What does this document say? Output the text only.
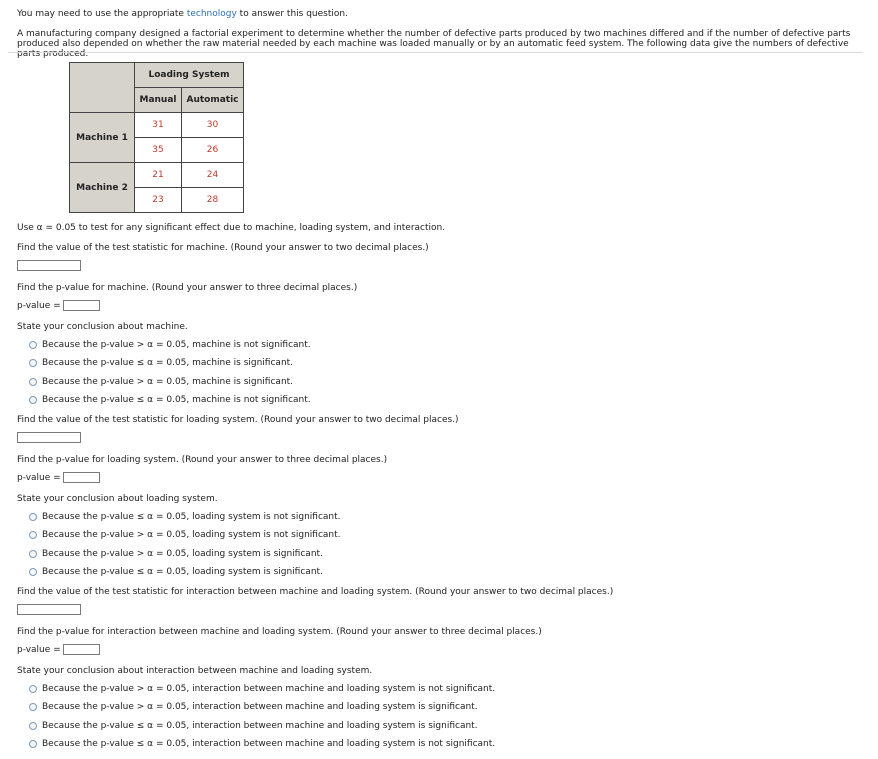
You may need to use the appropriate technology to answer this question.
A manufacturing company designed a factorial experiment to determine whether the number of defective parts produced by two machines differed and if the number of defective parts produced also depended on whether the raw material needed by each machine was loaded manually or by an automatic feed system. The following data give the numbers of defective parts produced.
	Loading System	
	Manual	Automatic
Machine 1	31	30
	35	26
Machine 2	21	24
	23	28
Use α = 0.05 to test for any significant effect due to machine, loading system, and interaction.
Find the value of the test statistic for machine. (Round your answer to two decimal places.)
Find the p-value for machine. (Round your answer to three decimal places.)
p-value =
State your conclusion about machine.
Because the p-value > α = 0.05, machine is not significant.
Because the p-value ≤ α = 0.05, machine is significant.
Because the p-value > α = 0.05, machine is significant.
Because the p-value ≤ α = 0.05, machine is not significant.
Find the value of the test statistic for loading system. (Round your answer to two decimal places.)
Find the p-value for loading system. (Round your answer to three decimal places.)
p-value =
State your conclusion about loading system.
Because the p-value ≤ α = 0.05, loading system is not significant.
Because the p-value > α = 0.05, loading system is not significant.
Because the p-value > α = 0.05, loading system is significant.
Because the p-value ≤ α = 0.05, loading system is significant.
Find the value of the test statistic for interaction between machine and loading system. (Round your answer to two decimal places.)
Find the p-value for interaction between machine and loading system. (Round your answer to three decimal places.)
p-value =
State your conclusion about interaction between machine and loading system.
Because the p-value > α = 0.05, interaction between machine and loading system is not significant.
Because the p-value > α = 0.05, interaction between machine and loading system is significant.
Because the p-value ≤ α = 0.05, interaction between machine and loading system is significant.
Because the p-value ≤ α = 0.05, interaction between machine and loading system is not significant.
